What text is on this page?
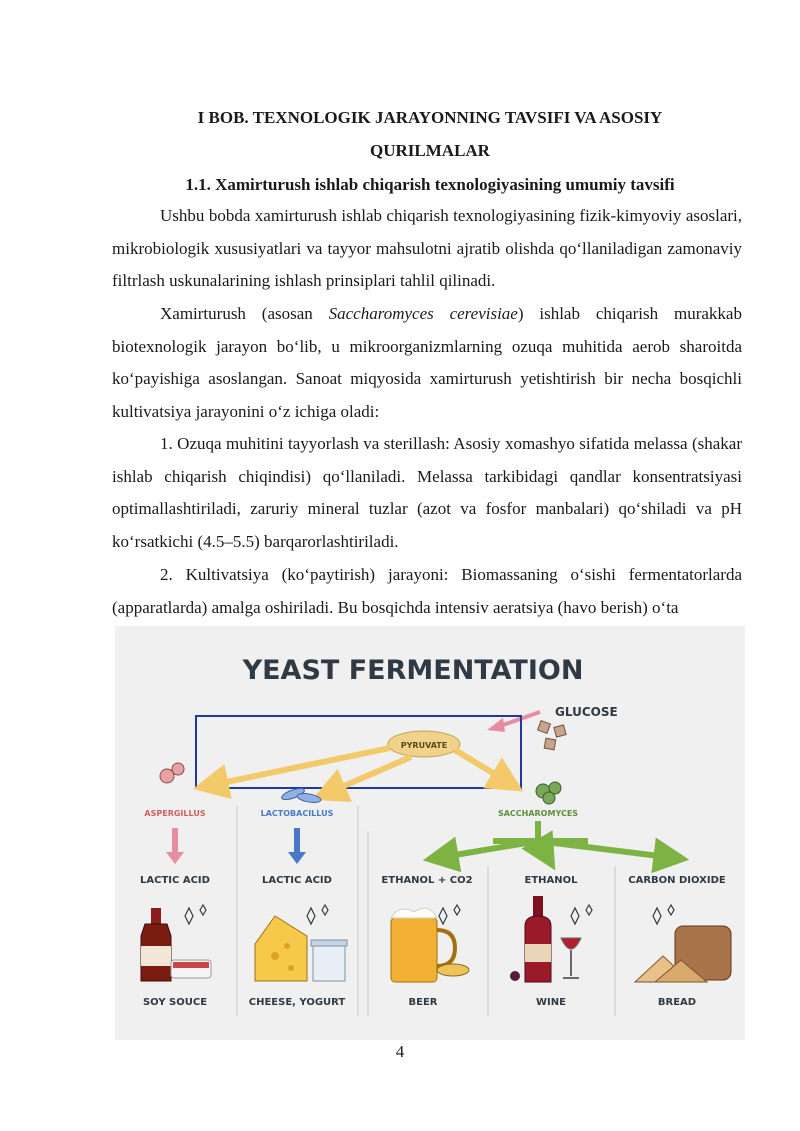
I BOB. TEXNOLOGIK JARAYONNING TAVSIFI VA ASOSIY
QURILMALAR
1.1. Xamirturush ishlab chiqarish texnologiyasining umumiy tavsifi

Ushbu bobda xamirturush ishlab chiqarish texnologiyasining fizik-kimyoviy asoslari, mikrobiologik xususiyatlari va tayyor mahsulotni ajratib olishda qo‘llaniladigan zamonaviy filtrlash uskunalarining ishlash prinsiplari tahlil qilinadi.

Xamirturush (asosan Saccharomyces cerevisiae) ishlab chiqarish murakkab biotexnologik jarayon bo‘lib, u mikroorganizmlarning ozuqa muhitida aerob sharoitda ko‘payishiga asoslangan. Sanoat miqyosida xamirturush yetishtirish bir necha bosqichli kultivatsiya jarayonini o‘z ichiga oladi:

1. Ozuqa muhitini tayyorlash va sterillash: Asosiy xomashyo sifatida melassa (shakar ishlab chiqarish chiqindisi) qo‘llaniladi. Melassa tarkibidagi qandlar konsentratsiyasi optimallashtiriladi, zaruriy mineral tuzlar (azot va fosfor manbalari) qo‘shiladi va pH ko‘rsatkichi (4.5–5.5) barqarorlashtiriladi.

2. Kultivatsiya (ko‘paytirish) jarayoni: Biomassaning o‘sishi fermentatorlarda (apparatlarda) amalga oshiriladi. Bu bosqichda intensiv aeratsiya (havo berish) o‘ta

YEAST FERMENTATION
GLUCOSE
PYRUVATE
ASPERGILLUS	LACTOBACILLUS	SACCHAROMYCES
LACTIC ACID	LACTIC ACID	ETHANOL + CO2	ETHANOL	CARBON DIOXIDE
SOY SOUCE	CHEESE, YOGURT	BEER	WINE	BREAD
4
